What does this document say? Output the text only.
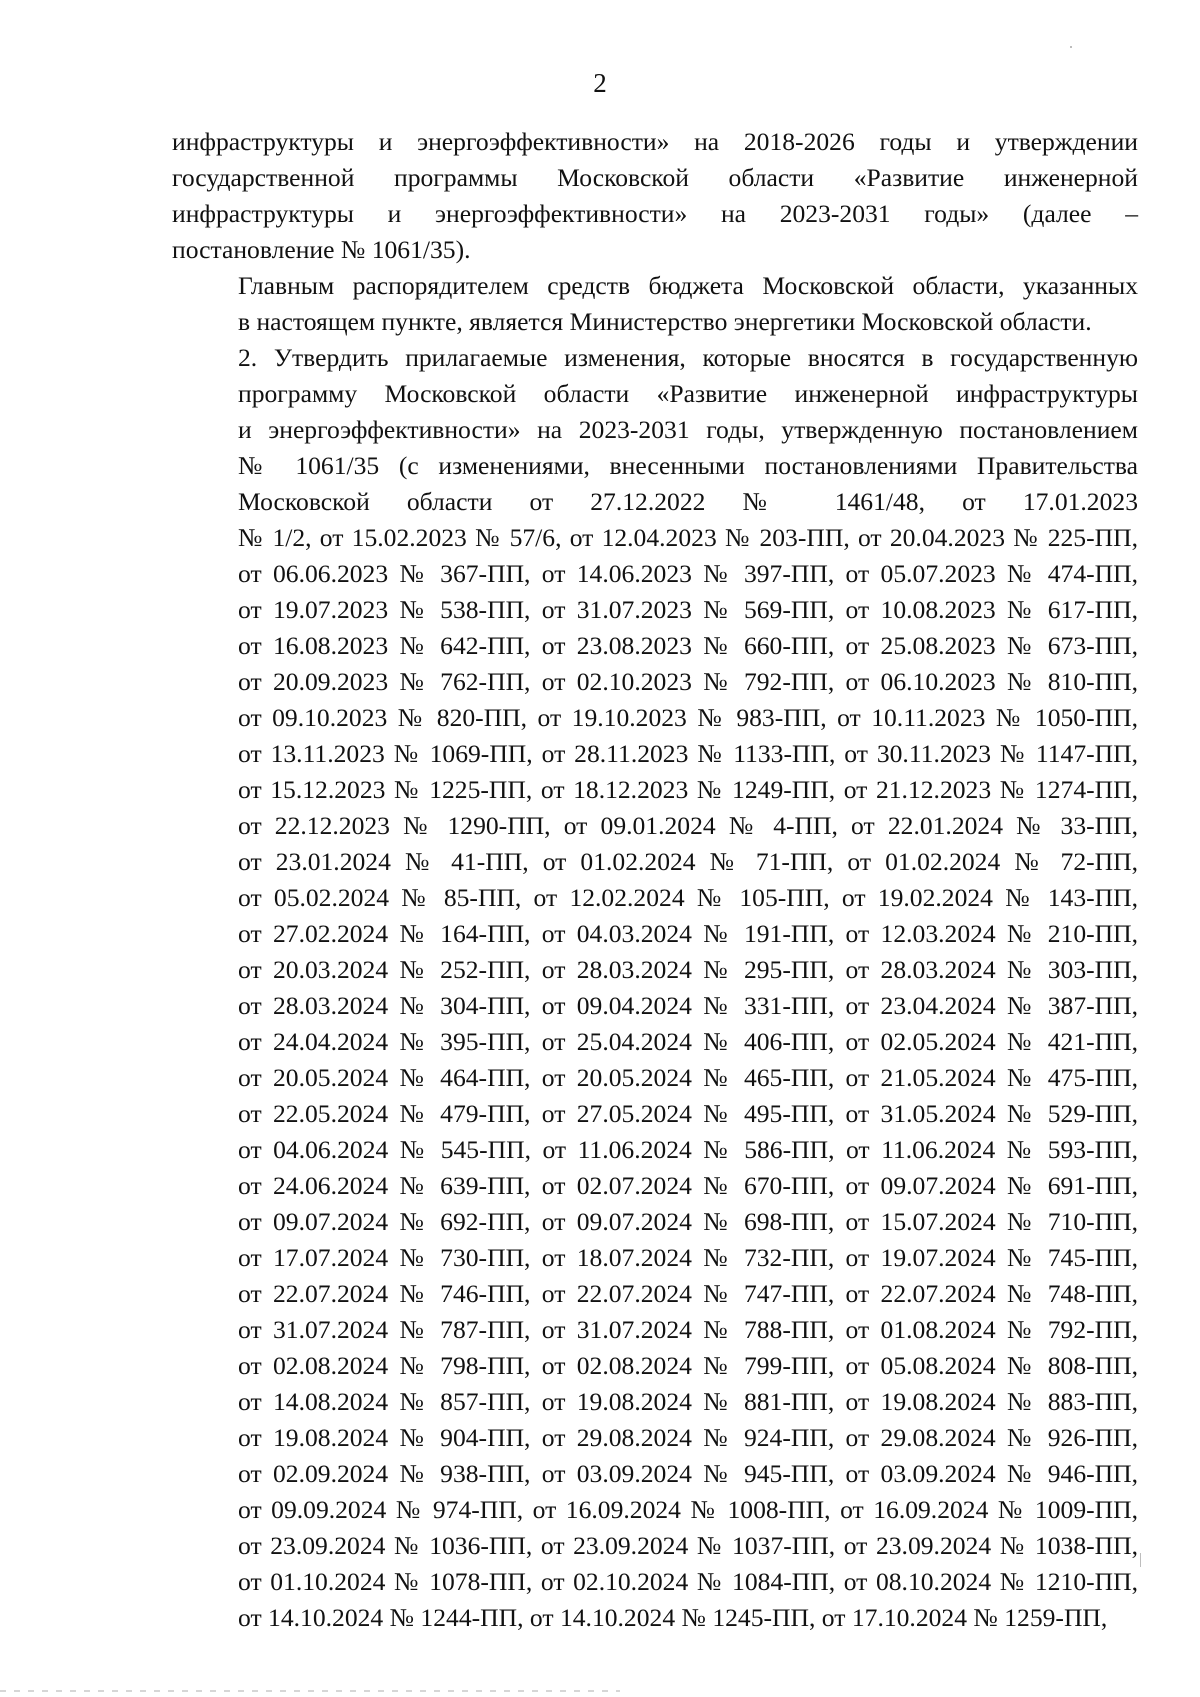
2

инфраструктуры и энергоэффективности» на 2018-2026 годы и утверждении
государственной программы Московской области «Развитие инженерной
инфраструктуры и энергоэффективности» на 2023-2031 годы» (далее –
постановление № 1061/35).

Главным распорядителем средств бюджета Московской области, указанных
в настоящем пункте, является Министерство энергетики Московской области.

2. Утвердить прилагаемые изменения, которые вносятся в государственную
программу Московской области «Развитие инженерной инфраструктуры
и энергоэффективности» на 2023-2031 годы, утвержденную постановлением
№ 1061/35 (с изменениями, внесенными постановлениями Правительства
Московской области от 27.12.2022 № 1461/48, от 17.01.2023
№ 1/2, от 15.02.2023 № 57/6, от 12.04.2023 № 203-ПП, от 20.04.2023 № 225-ПП,
от 06.06.2023 № 367-ПП, от 14.06.2023 № 397-ПП, от 05.07.2023 № 474-ПП,
от 19.07.2023 № 538-ПП, от 31.07.2023 № 569-ПП, от 10.08.2023 № 617-ПП,
от 16.08.2023 № 642-ПП, от 23.08.2023 № 660-ПП, от 25.08.2023 № 673-ПП,
от 20.09.2023 № 762-ПП, от 02.10.2023 № 792-ПП, от 06.10.2023 № 810-ПП,
от 09.10.2023 № 820-ПП, от 19.10.2023 № 983-ПП, от 10.11.2023 № 1050-ПП,
от 13.11.2023 № 1069-ПП, от 28.11.2023 № 1133-ПП, от 30.11.2023 № 1147-ПП,
от 15.12.2023 № 1225-ПП, от 18.12.2023 № 1249-ПП, от 21.12.2023 № 1274-ПП,
от 22.12.2023 № 1290-ПП, от 09.01.2024 № 4-ПП, от 22.01.2024 № 33-ПП,
от 23.01.2024 № 41-ПП, от 01.02.2024 № 71-ПП, от 01.02.2024 № 72-ПП,
от 05.02.2024 № 85-ПП, от 12.02.2024 № 105-ПП, от 19.02.2024 № 143-ПП,
от 27.02.2024 № 164-ПП, от 04.03.2024 № 191-ПП, от 12.03.2024 № 210-ПП,
от 20.03.2024 № 252-ПП, от 28.03.2024 № 295-ПП, от 28.03.2024 № 303-ПП,
от 28.03.2024 № 304-ПП, от 09.04.2024 № 331-ПП, от 23.04.2024 № 387-ПП,
от 24.04.2024 № 395-ПП, от 25.04.2024 № 406-ПП, от 02.05.2024 № 421-ПП,
от 20.05.2024 № 464-ПП, от 20.05.2024 № 465-ПП, от 21.05.2024 № 475-ПП,
от 22.05.2024 № 479-ПП, от 27.05.2024 № 495-ПП, от 31.05.2024 № 529-ПП,
от 04.06.2024 № 545-ПП, от 11.06.2024 № 586-ПП, от 11.06.2024 № 593-ПП,
от 24.06.2024 № 639-ПП, от 02.07.2024 № 670-ПП, от 09.07.2024 № 691-ПП,
от 09.07.2024 № 692-ПП, от 09.07.2024 № 698-ПП, от 15.07.2024 № 710-ПП,
от 17.07.2024 № 730-ПП, от 18.07.2024 № 732-ПП, от 19.07.2024 № 745-ПП,
от 22.07.2024 № 746-ПП, от 22.07.2024 № 747-ПП, от 22.07.2024 № 748-ПП,
от 31.07.2024 № 787-ПП, от 31.07.2024 № 788-ПП, от 01.08.2024 № 792-ПП,
от 02.08.2024 № 798-ПП, от 02.08.2024 № 799-ПП, от 05.08.2024 № 808-ПП,
от 14.08.2024 № 857-ПП, от 19.08.2024 № 881-ПП, от 19.08.2024 № 883-ПП,
от 19.08.2024 № 904-ПП, от 29.08.2024 № 924-ПП, от 29.08.2024 № 926-ПП,
от 02.09.2024 № 938-ПП, от 03.09.2024 № 945-ПП, от 03.09.2024 № 946-ПП,
от 09.09.2024 № 974-ПП, от 16.09.2024 № 1008-ПП, от 16.09.2024 № 1009-ПП,
от 23.09.2024 № 1036-ПП, от 23.09.2024 № 1037-ПП, от 23.09.2024 № 1038-ПП,
от 01.10.2024 № 1078-ПП, от 02.10.2024 № 1084-ПП, от 08.10.2024 № 1210-ПП,
от 14.10.2024 № 1244-ПП, от 14.10.2024 № 1245-ПП, от 17.10.2024 № 1259-ПП,
